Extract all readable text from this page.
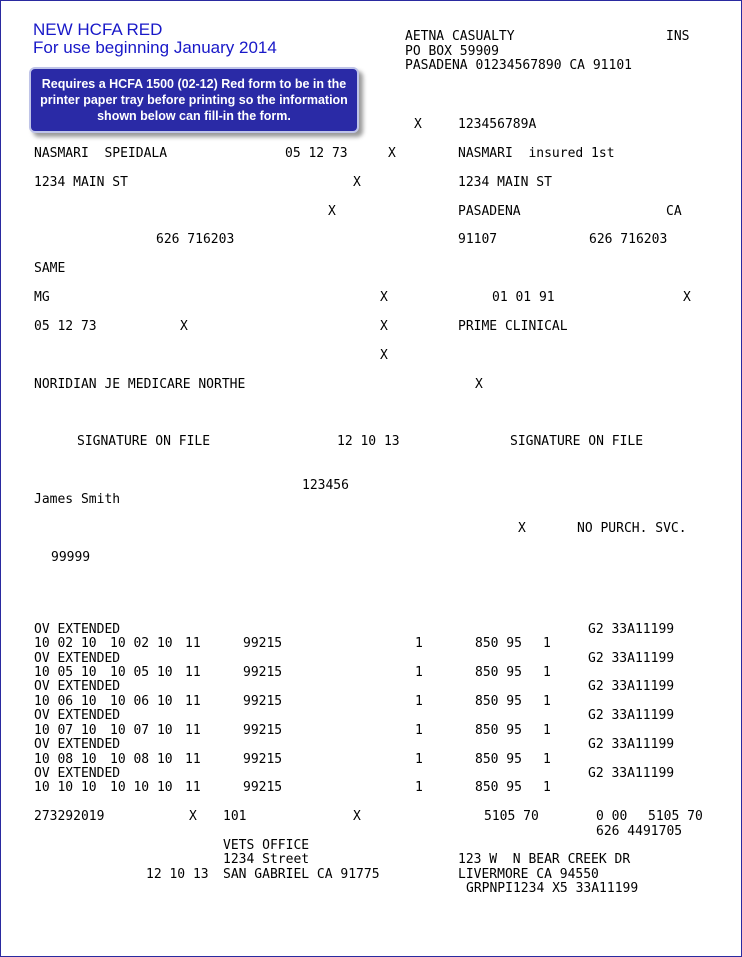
NEW HCFA RED
For use beginning January 2014
Requires a HCFA 1500 (02-12) Red form to be in the printer paper tray before printing so the information shown below can fill-in the form.
AETNA CASUALTY	INS
PO BOX 59909
PASADENA 01234567890 CA 91101
X	123456789A
NASMARI  SPEIDALA	05 12 73	X	NASMARI  insured 1st
1234 MAIN ST	X	1234 MAIN ST
X	PASADENA	CA
626 716203	91107	626 716203
SAME
MG	X	01 01 91	X
05 12 73	X	X	PRIME CLINICAL
X
NORIDIAN JE MEDICARE NORTHE	X
SIGNATURE ON FILE	12 10 13	SIGNATURE ON FILE
123456
James Smith
X	NO PURCH. SVC.
99999
OV EXTENDED	G2 33A11199
10 02 10 10 02 10 11	99215	1	850 95 1
OV EXTENDED	G2 33A11199
10 05 10 10 05 10 11	99215	1	850 95 1
OV EXTENDED	G2 33A11199
10 06 10 10 06 10 11	99215	1	850 95 1
OV EXTENDED	G2 33A11199
10 07 10 10 07 10 11	99215	1	850 95 1
OV EXTENDED	G2 33A11199
10 08 10 10 08 10 11	99215	1	850 95 1
OV EXTENDED	G2 33A11199
10 10 10 10 10 10 11	99215	1	850 95 1
273292019	X 101	X	5105 70	0 00 5105 70
626 4491705
VETS OFFICE
1234 Street	123 W  N BEAR CREEK DR
12 10 13 SAN GABRIEL CA 91775	LIVERMORE CA 94550
GRPNPI1234 X5 33A11199
